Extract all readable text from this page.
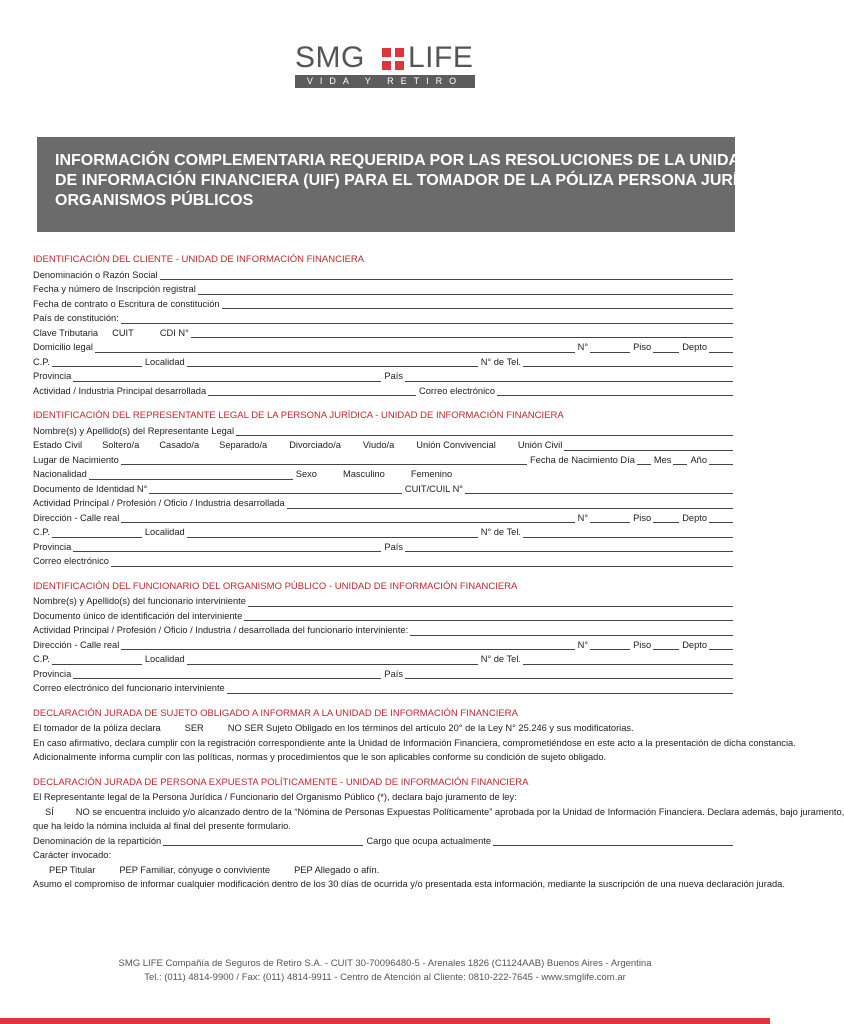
SMG LIFE
VIDA Y RETIRO
INFORMACIÓN COMPLEMENTARIA REQUERIDA POR LAS RESOLUCIONES DE LA UNIDAD
DE INFORMACIÓN FINANCIERA (UIF) PARA EL TOMADOR DE LA PÓLIZA PERSONA JURÍDICA -
ORGANISMOS PÚBLICOS
IDENTIFICACIÓN DEL CLIENTE - UNIDAD DE INFORMACIÓN FINANCIERA
Denominación o Razón Social
Fecha y número de Inscripción registral
Fecha de contrato o Escritura de constitución
País de constitución:
Clave Tributaria CUIT	CDI N°
Domicilio legal	N°	Piso	Depto
C.P.	Localidad	N° de Tel.
Provincia	País
Actividad / Industria Principal desarrollada	Correo electrónico
IDENTIFICACIÓN DEL REPRESENTANTE LEGAL DE LA PERSONA JURÍDICA - UNIDAD DE INFORMACIÓN FINANCIERA
Nombre(s) y Apellido(s) del Representante Legal
Estado Civil Soltero/a Casado/a Separado/a Divorciado/a Viudo/a Unión Convivencial Unión Civil
Lugar de Nacimiento	Fecha de Nacimiento Día Mes Año
Nacionalidad	Sexo	Masculino	Femenino
Documento de Identidad N°	CUIT/CUIL N°
Actividad Principal / Profesión / Oficio / Industria desarrollada
Dirección - Calle real	N°	Piso	Depto
C.P.	Localidad	N° de Tel.
Provincia	País
Correo electrónico
IDENTIFICACIÓN DEL FUNCIONARIO DEL ORGANISMO PÚBLICO - UNIDAD DE INFORMACIÓN FINANCIERA
Nombre(s) y Apellido(s) del funcionario interviniente
Documento único de identificación del interviniente
Actividad Principal / Profesión / Oficio / Industria / desarrollada del funcionario interviniente:
Dirección - Calle real	N°	Piso	Depto
C.P.	Localidad	N° de Tel.
Provincia	País
Correo electrónico del funcionario interviniente
DECLARACIÓN JURADA DE SUJETO OBLIGADO A INFORMAR A LA UNIDAD DE INFORMACIÓN FINANCIERA
El tomador de la póliza declara	SER	NO SER Sujeto Obligado en los términos del artículo 20° de la Ley N° 25.246 y sus modificatorias.
En caso afirmativo, declara cumplir con la registración correspondiente ante la Unidad de Información Financiera, comprometiéndose en este acto a la presentación de dicha constancia.
Adicionalmente informa cumplir con las políticas, normas y procedimientos que le son aplicables conforme su condición de sujeto obligado.
DECLARACIÓN JURADA DE PERSONA EXPUESTA POLÍTICAMENTE - UNIDAD DE INFORMACIÓN FINANCIERA
El Representante legal de la Persona Jurídica / Funcionario del Organismo Público (*), declara bajo juramento de ley:
SÍ NO se encuentra incluido y/o alcanzado dentro de la “Nómina de Personas Expuestas Políticamente” aprobada por la Unidad de Información Financiera. Declara además, bajo juramento,
que ha leído la nómina incluida al final del presente formulario.
Denominación de la repartición	Cargo que ocupa actualmente
Carácter invocado:
PEP Titular	PEP Familiar, cónyuge o conviviente	PEP Allegado o afín.
Asumo el compromiso de informar cualquier modificación dentro de los 30 días de ocurrida y/o presentada esta información, mediante la suscripción de una nueva declaración jurada.
SMG LIFE Compañía de Seguros de Retiro S.A. - CUIT 30-70096480-5 - Arenales 1826 (C1124AAB) Buenos Aires - Argentina
Tel.: (011) 4814-9900 / Fax: (011) 4814-9911 - Centro de Atención al Cliente: 0810-222-7645 - www.smglife.com.ar
